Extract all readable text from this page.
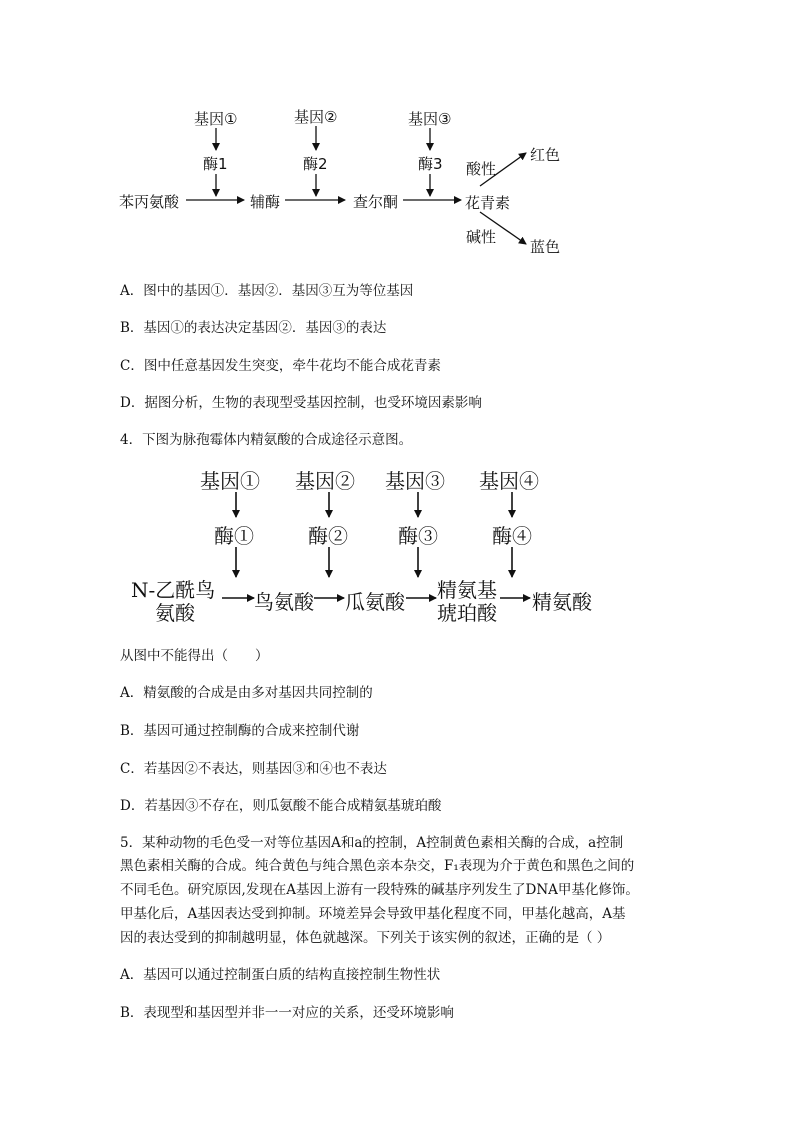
基因①	基因②	基因③
酶1	酶2	酶3
苯丙氨酸	辅酶	查尔酮	花青素
酸性
碱性
红色
蓝色
A．图中的基因①．基因②．基因③互为等位基因
B．基因①的表达决定基因②．基因③的表达
C．图中任意基因发生突变，牵牛花均不能合成花青素
D．据图分析，生物的表现型受基因控制，也受环境因素影响
4．下图为脉孢霉体内精氨酸的合成途径示意图。
基因① 基因② 基因③ 基因④
酶①	酶②	酶③	酶④
N-乙酰鸟
氨酸	鸟氨酸 瓜氨酸 精氨基
琥珀酸 精氨酸
从图中不能得出（　　）
A．精氨酸的合成是由多对基因共同控制的
B．基因可通过控制酶的合成来控制代谢
C．若基因②不表达，则基因③和④也不表达
D．若基因③不存在，则瓜氨酸不能合成精氨基琥珀酸
5．某种动物的毛色受一对等位基因A和a的控制，A控制黄色素相关酶的合成，a控制
黑色素相关酶的合成。纯合黄色与纯合黑色亲本杂交，F₁表现为介于黄色和黑色之间的
不同毛色。研究原因,发现在A基因上游有一段特殊的碱基序列发生了DNA甲基化修饰。
甲基化后，A基因表达受到抑制。环境差异会导致甲基化程度不同，甲基化越高，A基
因的表达受到的抑制越明显，体色就越深。下列关于该实例的叙述，正确的是（ ）
A．基因可以通过控制蛋白质的结构直接控制生物性状
B．表现型和基因型并非一一对应的关系，还受环境影响
